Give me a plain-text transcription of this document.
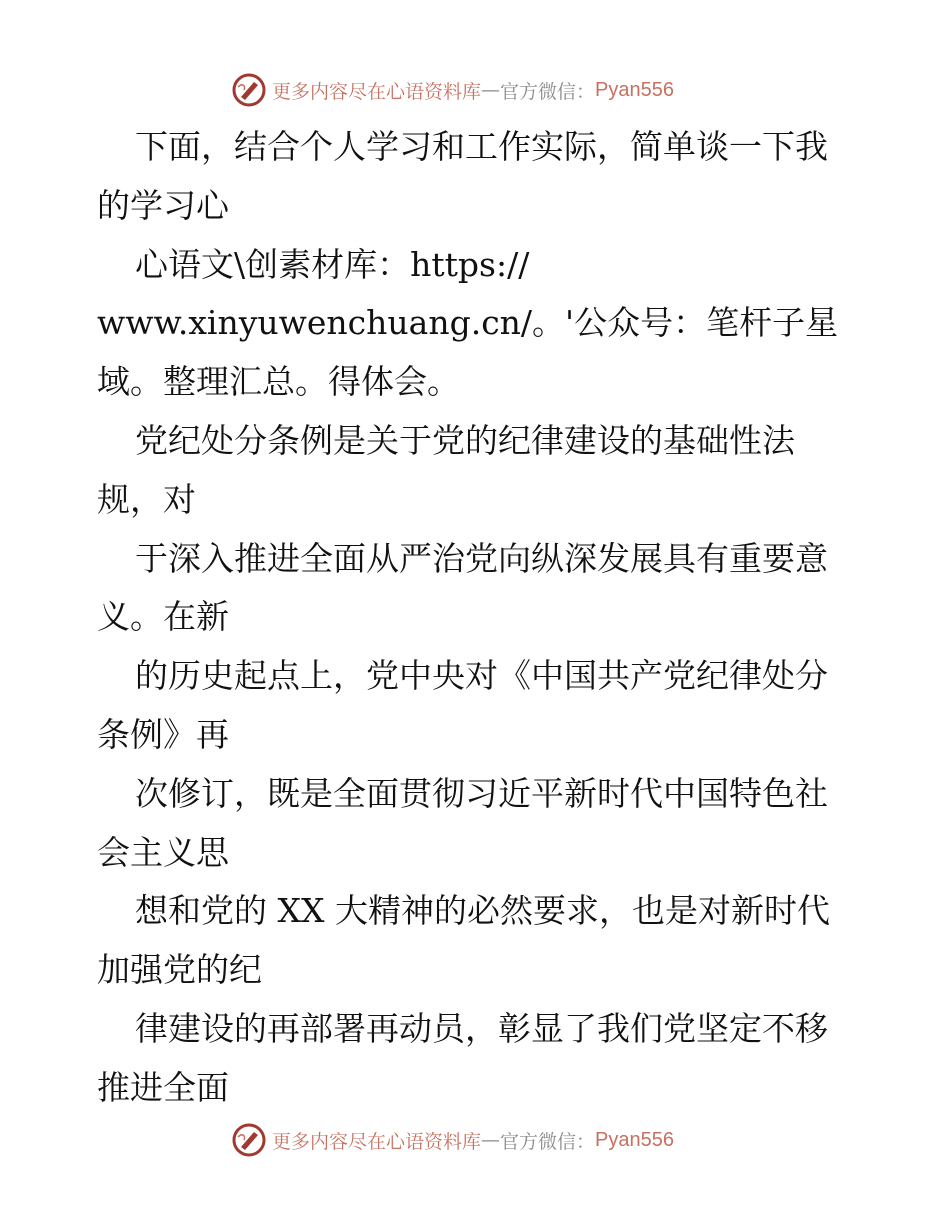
更多内容尽在心语资料库 — 官方微信： Pyan556
下面，结合个人学习和工作实际，简单谈一下我
的学习心
心语文\创素材库：https://
www.xinyuwenchuang.cn/。'公众号：笔杆子星
域。整理汇总。得体会。
党纪处分条例是关于党的纪律建设的基础性法
规，对
于深入推进全面从严治党向纵深发展具有重要意
义。在新
的历史起点上，党中央对《中国共产党纪律处分
条例》再
次修订，既是全面贯彻习近平新时代中国特色社
会主义思
想和党的 XX 大精神的必然要求，也是对新时代
加强党的纪
律建设的再部署再动员，彰显了我们党坚定不移
推进全面
更多内容尽在心语资料库 — 官方微信： Pyan556
